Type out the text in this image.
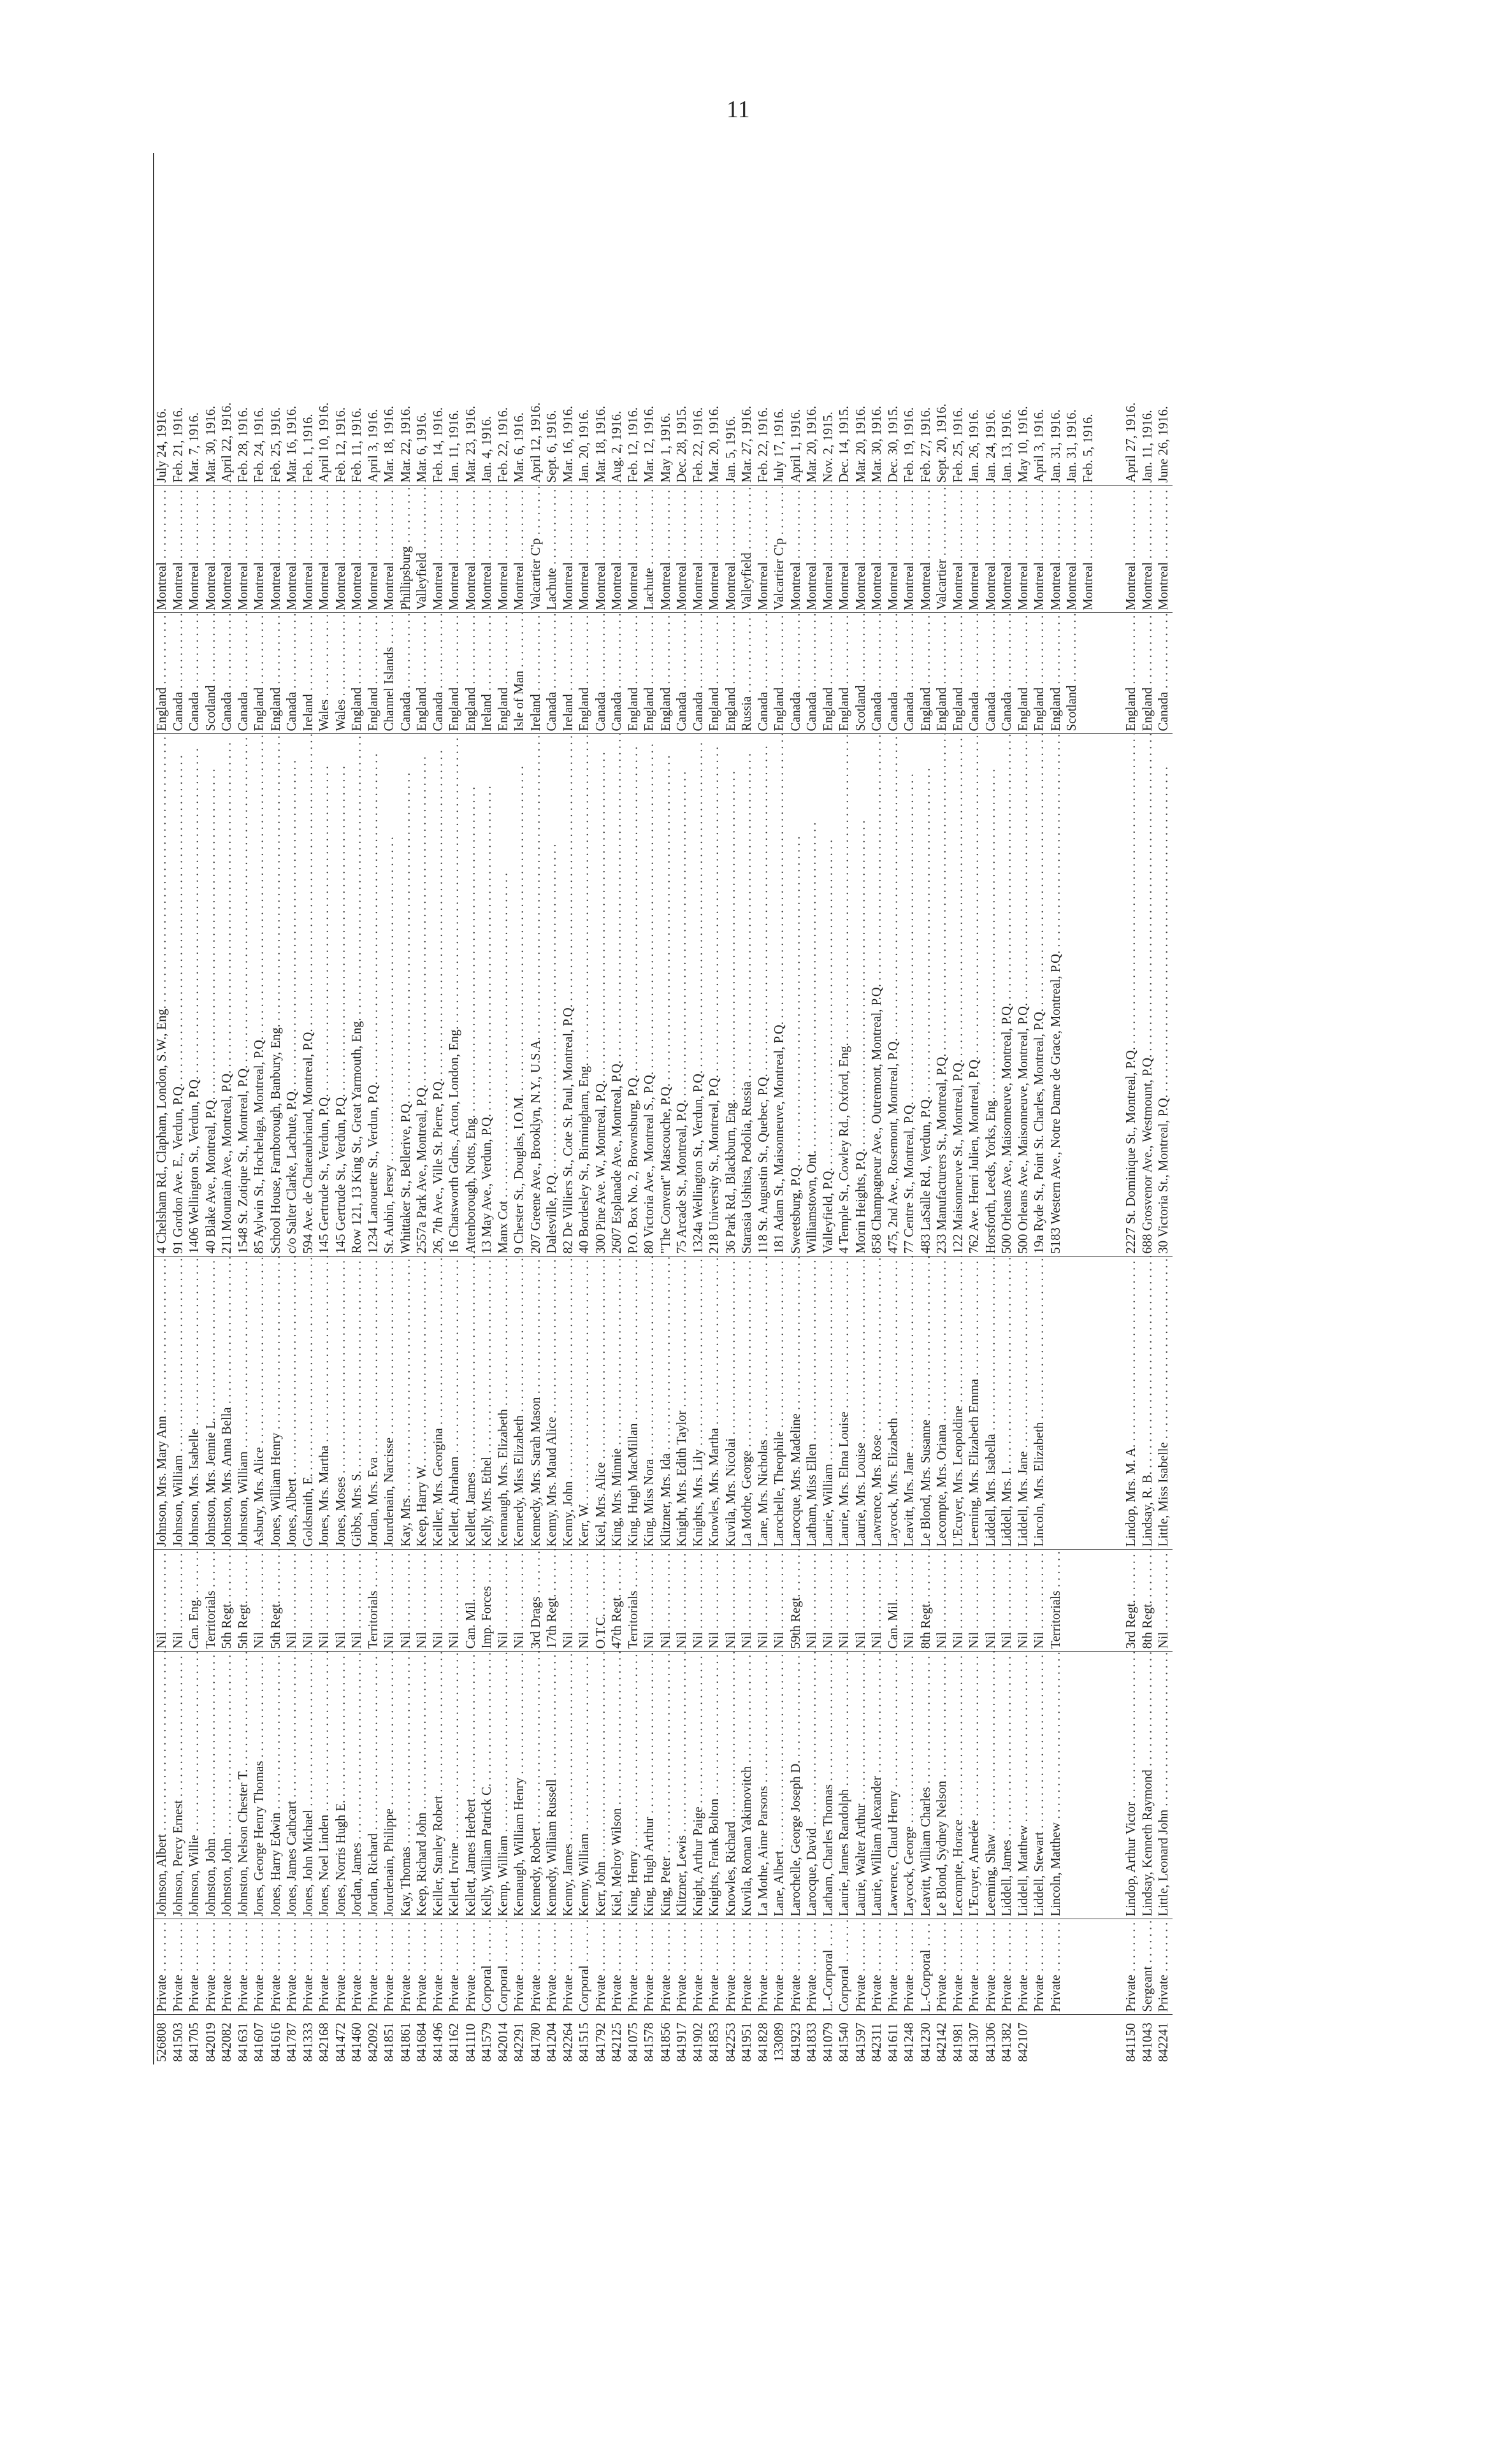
11
526808	Private . . .	Johnson, Albert . . .	Nil . . .	Johnson, Mrs. Mary Ann . . .	4 Chelsham Rd., Clapham, London, S.W., Eng. . . .	England . . .	Montreal . . .	July 24, 1916.
841503	Private . . .	Johnson, Percy Ernest . . .	Nil . . .	Johnson, William . . .	91 Gordon Ave. E., Verdun, P.Q. . . .	Canada . . .	Montreal . . .	Feb. 21, 1916.
841705	Private . . .	Johnson, Willie . . .	Can. Eng. . . .	Johnson, Mrs. Isabelle . . .	1406 Wellington St., Verdun, P.Q. . . .	Canada . . .	Montreal . . .	Mar. 7, 1916.
842019	Private . . .	Johnston, John . . .	Territorials . . .	Johnston, Mrs. Jennie L. . . .	40 Blake Ave., Montreal, P.Q. . . .	Scotland . . .	Montreal . . .	Mar. 30, 1916.
842082	Private . . .	Johnston, John . . .	5th Regt. . . .	Johnston, Mrs. Anna Bella . . .	211 Mountain Ave., Montreal, P.Q. . . .	Canada . . .	Montreal . . .	April 22, 1916.
841631	Private . . .	Johnston, Nelson Chester T. . . .	5th Regt. . . .	Johnston, William . . .	1548 St. Zotique St., Montreal, P.Q. . . .	Canada . . .	Montreal . . .	Feb. 28, 1916.
841607	Private . . .	Jones, George Henry Thomas . . .	Nil . . .	Asbury, Mrs. Alice . . .	85 Aylwin St., Hochelaga, Montreal, P.Q. . . .	England . . .	Montreal . . .	Feb. 24, 1916.
841616	Private . . .	Jones, Harry Edwin . . .	5th Regt. . . .	Jones, William Henry . . .	School House, Farnborough, Banbury, Eng. . . .	England . . .	Montreal . . .	Feb. 25, 1916.
841787	Private . . .	Jones, James Cathcart . . .	Nil . . .	Jones, Albert . . .	c/o Salter Clarke, Lachute, P.Q. . . .	Canada . . .	Montreal . . .	Mar. 16, 1916.
841333	Private . . .	Jones, John Michael . . .	Nil . . .	Goldsmith, E. . . .	594 Ave. de Chateaubriand, Montreal, P.Q. . . .	Ireland . . .	Montreal . . .	Feb. 1, 1916.
842168	Private . . .	Jones, Noel Linden . . .	Nil . . .	Jones, Mrs. Martha . . .	145 Gertrude St., Verdun, P.Q. . . .	Wales . . .	Montreal . . .	April 10, 1916.
841472	Private . . .	Jones, Norris Hugh E. . . .	Nil . . .	Jones, Moses . . .	145 Gertrude St., Verdun, P.Q. . . .	Wales . . .	Montreal . . .	Feb. 12, 1916.
841460	Private . . .	Jordan, James . . .	Nil . . .	Gibbs, Mrs. S. . . .	Row 121, 13 King St., Great Yarmouth, Eng. . . .	England . . .	Montreal . . .	Feb. 11, 1916.
842092	Private . . .	Jordan, Richard . . .	Territorials . . .	Jordan, Mrs. Eva . . .	1234 Lanouette St., Verdun, P.Q. . . .	England . . .	Montreal . . .	April 3, 1916.
841851	Private . . .	Jourdenain, Philippe . . .	Nil . . .	Jourdenain, Narcisse . . .	St. Aubin, Jersey . . .	Channel Islands . . .	Montreal . . .	Mar. 18, 1916.
841861	Private . . .	Kay, Thomas . . .	Nil . . .	Kay, Mrs. . . .	Whittaker St., Bellerive, P.Q. . . .	Canada . . .	Phillipsburg . . .	Mar. 22, 1916.
841684	Private . . .	Keep, Richard John . . .	Nil . . .	Keep, Harry W. . . .	2557a Park Ave., Montreal, P.Q. . . .	England . . .	Valleyfield . . .	Mar. 6, 1916.
841496	Private . . .	Keiller, Stanley Robert . . .	Nil . . .	Keiller, Mrs. Georgina . . .	26, 7th Ave., Ville St. Pierre, P.Q. . . .	Canada . . .	Montreal . . .	Feb. 14, 1916.
841162	Private . . .	Kellett, Irvine . . .	Nil . . .	Kellett, Abraham . . .	16 Chatsworth Gdns., Acton, London, Eng. . . .	England . . .	Montreal . . .	Jan. 11, 1916.
841110	Private . . .	Kellett, James Herbert . . .	Can. Mil. . . .	Kellett, James . . .	Attenborough, Notts, Eng. . . .	England . . .	Montreal . . .	Mar. 23, 1916.
841579	Corporal . . .	Kelly, William Patrick C. . . .	Imp. Forces . . .	Kelly, Mrs. Ethel . . .	13 May Ave., Verdun, P.Q. . . .	Ireland . . .	Montreal . . .	Jan. 4, 1916.
842014	Corporal . . .	Kemp, William . . .	Nil . . .	Kennaugh, Mrs. Elizabeth . . .	Manx Cot . . .	England . . .	Montreal . . .	Feb. 22, 1916.
842291	Private . . .	Kennaugh, William Henry . . .	Nil . . .	Kennedy, Miss Elizabeth . . .	9 Chester St., Douglas, I.O.M. . . .	Isle of Man . . .	Montreal . . .	Mar. 6, 1916.
841780	Private . . .	Kennedy, Robert . . .	3rd Drags . . .	Kennedy, Mrs. Sarah Mason . . .	207 Greene Ave., Brooklyn, N.Y., U.S.A. . . .	Ireland . . .	Valcartier C'p . . .	April 12, 1916.
841204	Private . . .	Kennedy, William Russell . . .	17th Regt. . . .	Kenny, Mrs. Maud Alice . . .	Dalesville, P.Q. . . .	Canada . . .	Lachute . . .	Sept. 6, 1916.
842264	Private . . .	Kenny, James . . .	Nil . . .	Kenny, John . . .	82 De Villiers St., Cote St. Paul, Montreal, P.Q. . . .	Ireland . . .	Montreal . . .	Mar. 16, 1916.
841515	Corporal . . .	Kenny, William . . .	Nil . . .	Kerr, W. . . .	40 Bordesley St., Birmingham, Eng. . . .	England . . .	Montreal . . .	Jan. 20, 1916.
841792	Private . . .	Kerr, John . . .	O.T.C. . . .	Kiel, Mrs. Alice . . .	300 Pine Ave. W., Montreal, P.Q. . . .	Canada . . .	Montreal . . .	Mar. 18, 1916.
842125	Private . . .	Kiel, Melroy Wilson . . .	47th Regt. . . .	King, Mrs. Minnie . . .	2607 Esplanade Ave., Montreal, P.Q. . . .	Canada . . .	Montreal . . .	Aug. 2, 1916.
841075	Private . . .	King, Henry . . .	Territorials . . .	King, Hugh MacMillan . . .	P.O. Box No. 2, Brownsburg, P.Q. . . .	England . . .	Montreal . . .	Feb. 12, 1916.
841578	Private . . .	King, Hugh Arthur . . .	Nil . . .	King, Miss Nora . . .	80 Victoria Ave., Montreal S., P.Q. . . .	England . . .	Lachute . . .	Mar. 12, 1916.
841856	Private . . .	King, Peter . . .	Nil . . .	Klitzner, Mrs. Ida . . .	"The Convent" Mascouche, P.Q. . . .	England . . .	Montreal . . .	May 1, 1916.
841917	Private . . .	Klitzner, Lewis . . .	Nil . . .	Knight, Mrs. Edith Taylor . . .	75 Arcade St., Montreal, P.Q. . . .	Canada . . .	Montreal . . .	Dec. 28, 1915.
841902	Private . . .	Knight, Arthur Paige . . .	Nil . . .	Knights, Mrs. Lily . . .	1324a Wellington St., Verdun, P.Q. . . .	Canada . . .	Montreal . . .	Feb. 22, 1916.
841853	Private . . .	Knights, Frank Bolton . . .	Nil . . .	Knowles, Mrs. Martha . . .	218 University St., Montreal, P.Q. . . .	England . . .	Montreal . . .	Mar. 20, 1916.
842253	Private . . .	Knowles, Richard . . .	Nil . . .	Kuvila, Mrs. Nicolai . . .	36 Park Rd., Blackburn, Eng. . . .	England . . .	Montreal . . .	Jan. 5, 1916.
841951	Private . . .	Kuvila, Roman Yakimovitch . . .	Nil . . .	La Mothe, George . . .	Starasia Ushitsa, Podolia, Russia . . .	Russia . . .	Valleyfield . . .	Mar. 27, 1916.
841828	Private . . .	La Mothe, Aime Parsons . . .	Nil . . .	Lane, Mrs. Nicholas . . .	118 St. Augustin St., Quebec, P.Q. . . .	Canada . . .	Montreal . . .	Feb. 22, 1916.
133089	Private . . .	Lane, Albert . . .	Nil . . .	Larochelle, Theophile . . .	181 Adam St., Maisonneuve, Montreal, P.Q. . . .	England . . .	Valcartier C'p . . .	July 17, 1916.
841923	Private . . .	Larochelle, George Joseph D. . . .	59th Regt. . . .	Larocque, Mrs. Madeline . . .	Sweetsburg, P.Q. . . .	Canada . . .	Montreal . . .	April 1, 1916.
841833	Private . . .	Larocque, David . . .	Nil . . .	Latham, Miss Ellen . . .	Williamstown, Ont. . . .	Canada . . .	Montreal . . .	Mar. 20, 1916.
841079	L.-Corporal . . .	Latham, Charles Thomas . . .	Nil . . .	Laurie, William . . .	Valleyfield, P.Q. . . .	England . . .	Montreal . . .	Nov. 2, 1915.
841540	Corporal . . .	Laurie, James Randolph . . .	Nil . . .	Laurie, Mrs. Elma Louise . . .	4 Temple St., Cowley Rd., Oxford, Eng. . . .	England . . .	Montreal . . .	Dec. 14, 1915.
841597	Private . . .	Laurie, Walter Arthur . . .	Nil . . .	Laurie, Mrs. Louise . . .	Morin Heights, P.Q. . . .	Scotland . . .	Montreal . . .	Mar. 20, 1916.
842311	Private . . .	Laurie, William Alexander . . .	Nil . . .	Lawrence, Mrs. Rose . . .	858 Champagneur Ave., Outremont, Montreal, P.Q. . . .	Canada . . .	Montreal . . .	Mar. 30, 1916.
841611	Private . . .	Lawrence, Claud Henry . . .	Can. Mil. . . .	Laycock, Mrs. Elizabeth . . .	475, 2nd Ave., Rosemont, Montreal, P.Q. . . .	Canada . . .	Montreal . . .	Dec. 30, 1915.
841248	Private . . .	Laycock, George . . .	Nil . . .	Leavitt, Mrs. Jane . . .	77 Centre St., Montreal, P.Q. . . .	Canada . . .	Montreal . . .	Feb. 19, 1916.
841230	L.-Corporal . . .	Leavitt, William Charles . . .	8th Regt. . . .	Le Blond, Mrs. Susanne . . .	483 LaSalle Rd., Verdun, P.Q. . . .	England . . .	Montreal . . .	Feb. 27, 1916.
842142	Private . . .	Le Blond, Sydney Nelson . . .	Nil . . .	Lecompte, Mrs. Oriana . . .	233 Manufacturers St., Montreal, P.Q. . . .	England . . .	Valcartier . . .	Sept. 20, 1916.
841981	Private . . .	Lecompte, Horace . . .	Nil . . .	L'Ecuyer, Mrs. Leopoldine . . .	122 Maisonneuve St., Montreal, P.Q. . . .	England . . .	Montreal . . .	Feb. 25, 1916.
841307	Private . . .	L'Ecuyer, Amedée . . .	Nil . . .	Leeming, Mrs. Elizabeth Emma . . .	762 Ave. Henri Julien, Montreal, P.Q. . . .	Canada . . .	Montreal . . .	Jan. 26, 1916.
841306	Private . . .	Leeming, Shaw . . .	Nil . . .	Liddell, Mrs. Isabella . . .	Horsforth, Leeds, Yorks, Eng. . . .	Canada . . .	Montreal . . .	Jan. 24, 1916.
841382	Private . . .	Liddell, James . . .	Nil . . .	Liddell, Mrs. I. . . .	500 Orleans Ave., Maisonneuve, Montreal, P.Q. . . .	Canada . . .	Montreal . . .	Jan. 13, 1916.
842107	Private . . .	Liddell, Matthew . . .	Nil . . .	Liddell, Mrs. Jane . . .	500 Orleans Ave., Maisonneuve, Montreal, P.Q. . . .	England . . .	Montreal . . .	May 10, 1916.
	Private . . .	Liddell, Stewart . . .	Nil . . .	Lincoln, Mrs. Elizabeth . . .	19a Ryde St., Point St. Charles, Montreal, P.Q. . . .	England . . .	Montreal . . .	April 3, 1916.
	Private . . .	Lincoln, Matthew . . .	Territorials . . .		5183 Western Ave., Notre Dame de Grace, Montreal, P.Q. . . .	England . . .	Montreal . . .	Jan. 31, 1916.
						Scotland . . .	Montreal . . .	Jan. 31, 1916.
							Montreal . . .	Feb. 5, 1916.

841150	Private . . .	Lindop, Arthur Victor . . .	3rd Regt. . . .	Lindop, Mrs. M. A. . . .	2227 St. Dominique St., Montreal, P.Q. . . .	England . . .	Montreal . . .	April 27, 1916.
841043	Sergeant . . .	Lindsay, Kenneth Raymond . . .	8th Regt. . . .	Lindsay, R. B. . . .	688 Grosvenor Ave., Westmount, P.Q. . . .	England . . .	Montreal . . .	Jan. 11, 1916.
842241	Private . . .	Little, Leonard John . . .	Nil . . .	Little, Miss Isabelle . . .	30 Victoria St., Montreal, P.Q. . . .	Canada . . .	Montreal . . .	June 26, 1916.
